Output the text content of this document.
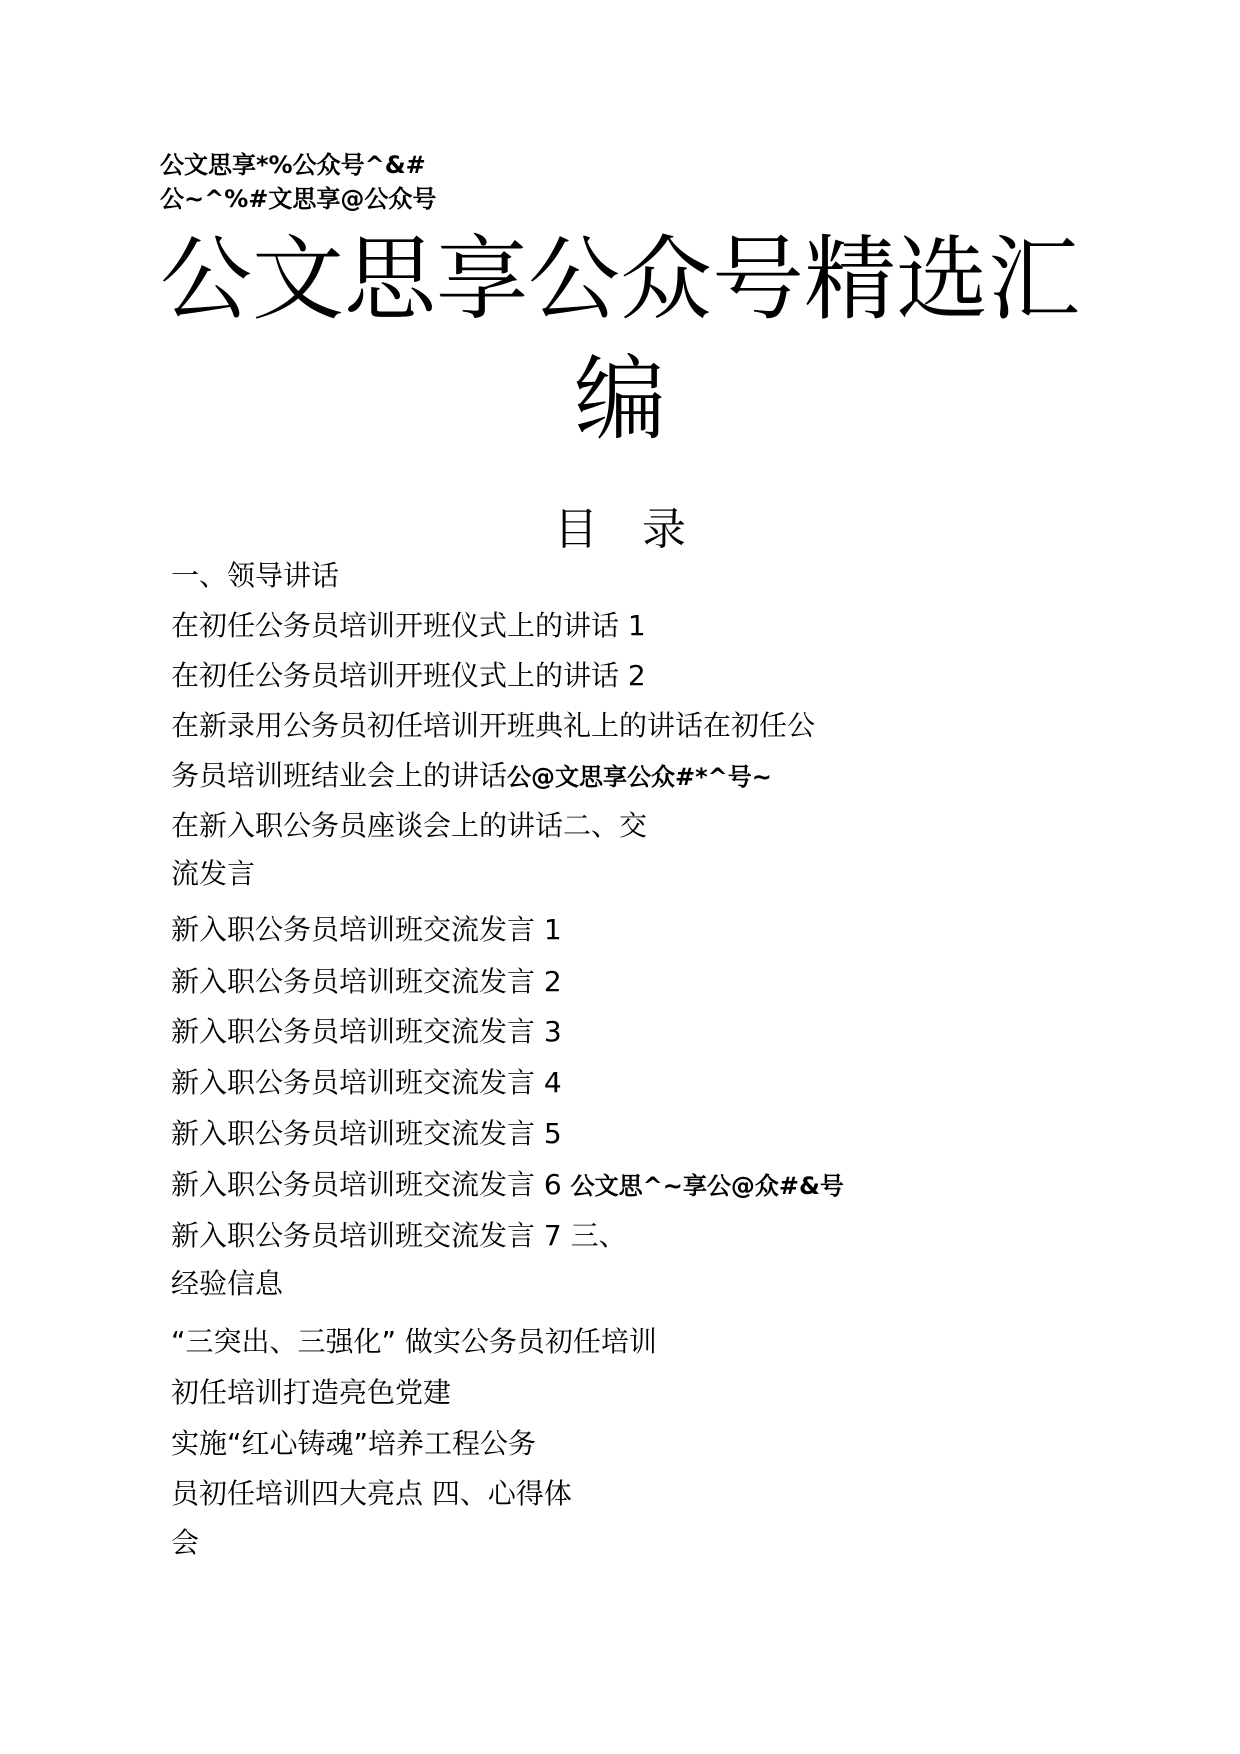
公文思享*%公众号^&#
公~^%#文思享@公众号
公文思享公众号精选汇
编
目　录
一、领导讲话
在初任公务员培训开班仪式上的讲话 1
在初任公务员培训开班仪式上的讲话 2
在新录用公务员初任培训开班典礼上的讲话在初任公
务员培训班结业会上的讲话公@文思享公众#*^号~
在新入职公务员座谈会上的讲话二、交
流发言
新入职公务员培训班交流发言 1
新入职公务员培训班交流发言 2
新入职公务员培训班交流发言 3
新入职公务员培训班交流发言 4
新入职公务员培训班交流发言 5
新入职公务员培训班交流发言 6 公文思^~享公@众#&号
新入职公务员培训班交流发言 7 三、
经验信息
“三突出、三强化” 做实公务员初任培训
初任培训打造亮色党建
实施“红心铸魂”培养工程公务
员初任培训四大亮点 四、心得体
会
